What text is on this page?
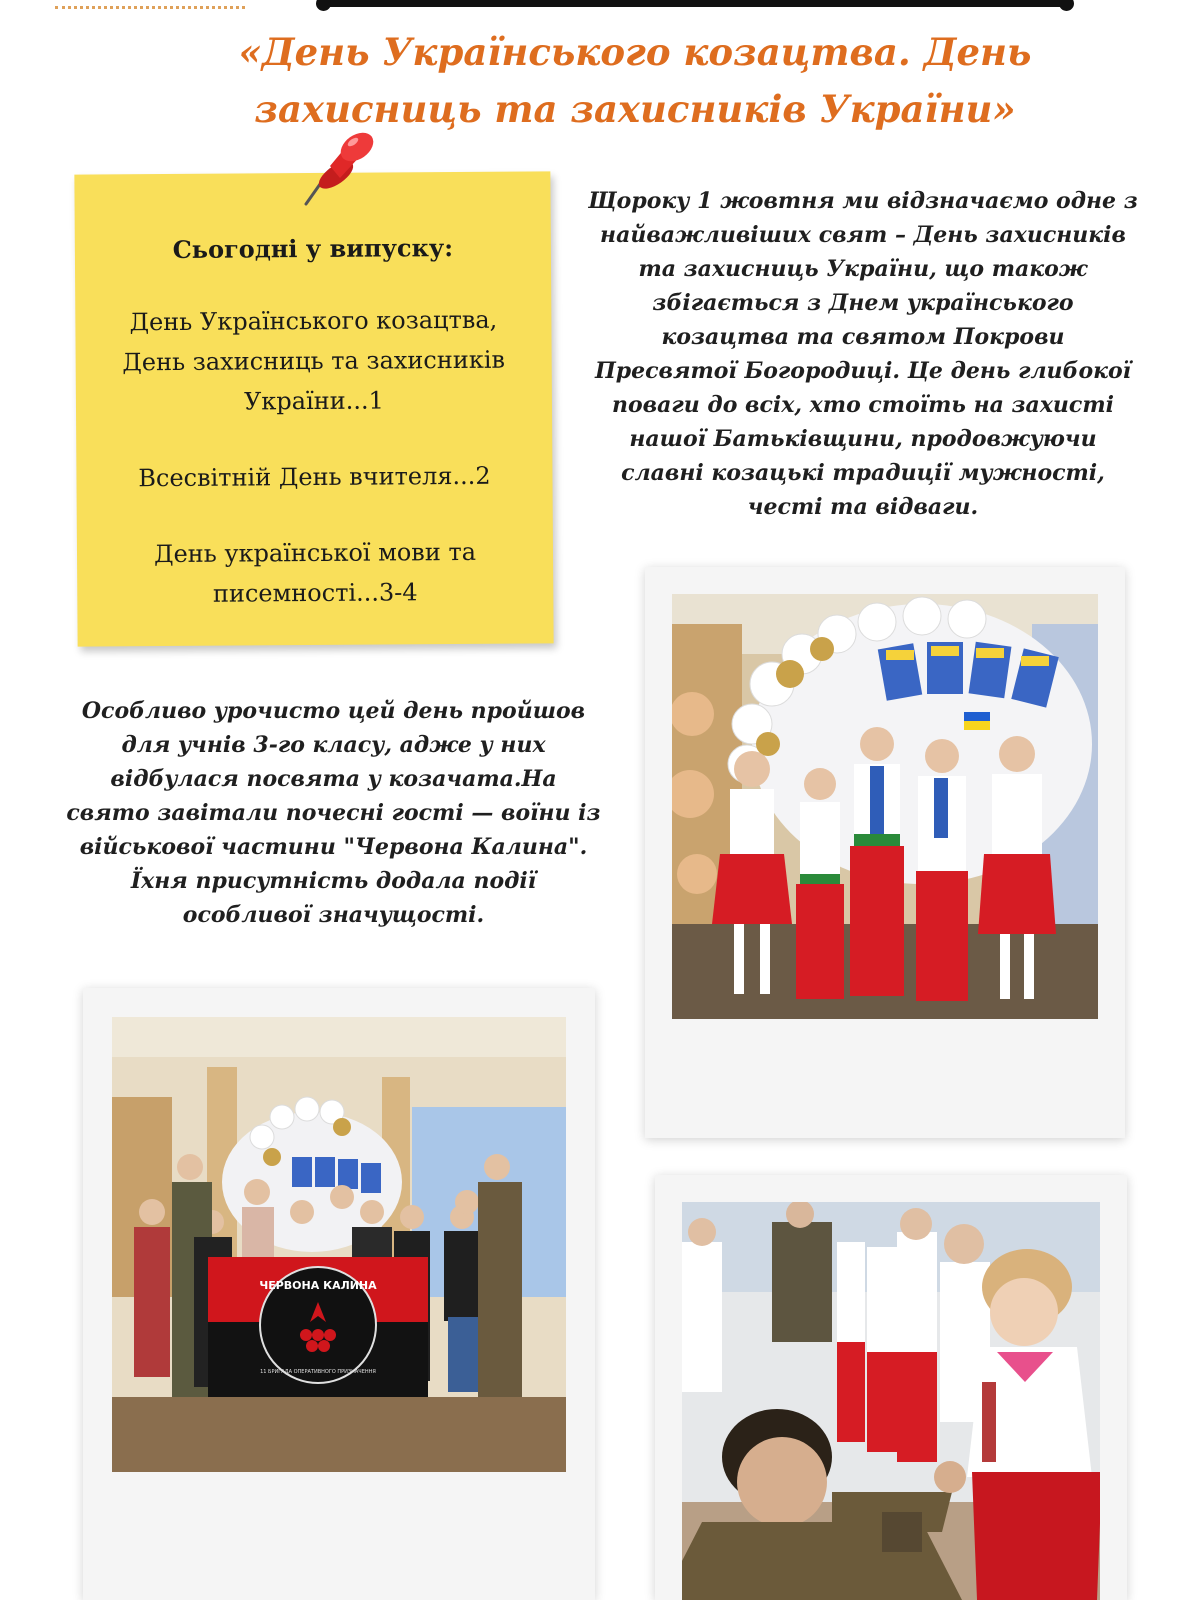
«День Українського козацтва. День захисниць та захисників України»
Сьогодні у випуску:
День Українського козацтва, День захисниць та захисників України...1
Всесвітній День вчителя...2
День української мови та писемності...3-4
Щороку 1 жовтня ми відзначаємо одне з найважливіших свят – День захисників та захисниць України, що також збігається з Днем українського козацтва та святом Покрови Пресвятої Богородиці. Це день глибокої поваги до всіх, хто стоїть на захисті нашої Батьківщини, продовжуючи славні козацькі традиції мужності, честі та відваги.
Особливо урочисто цей день пройшов для учнів 3-го класу, адже у них відбулася посвята у козачата.На свято завітали почесні гості — воїни із військової частини "Червона Калина". Їхня присутність додала події особливої значущості.
ЧЕРВОНА КАЛИНА
11 БРИГАДА ОПЕРАТИВНОГО ПРИЗНАЧЕННЯ
